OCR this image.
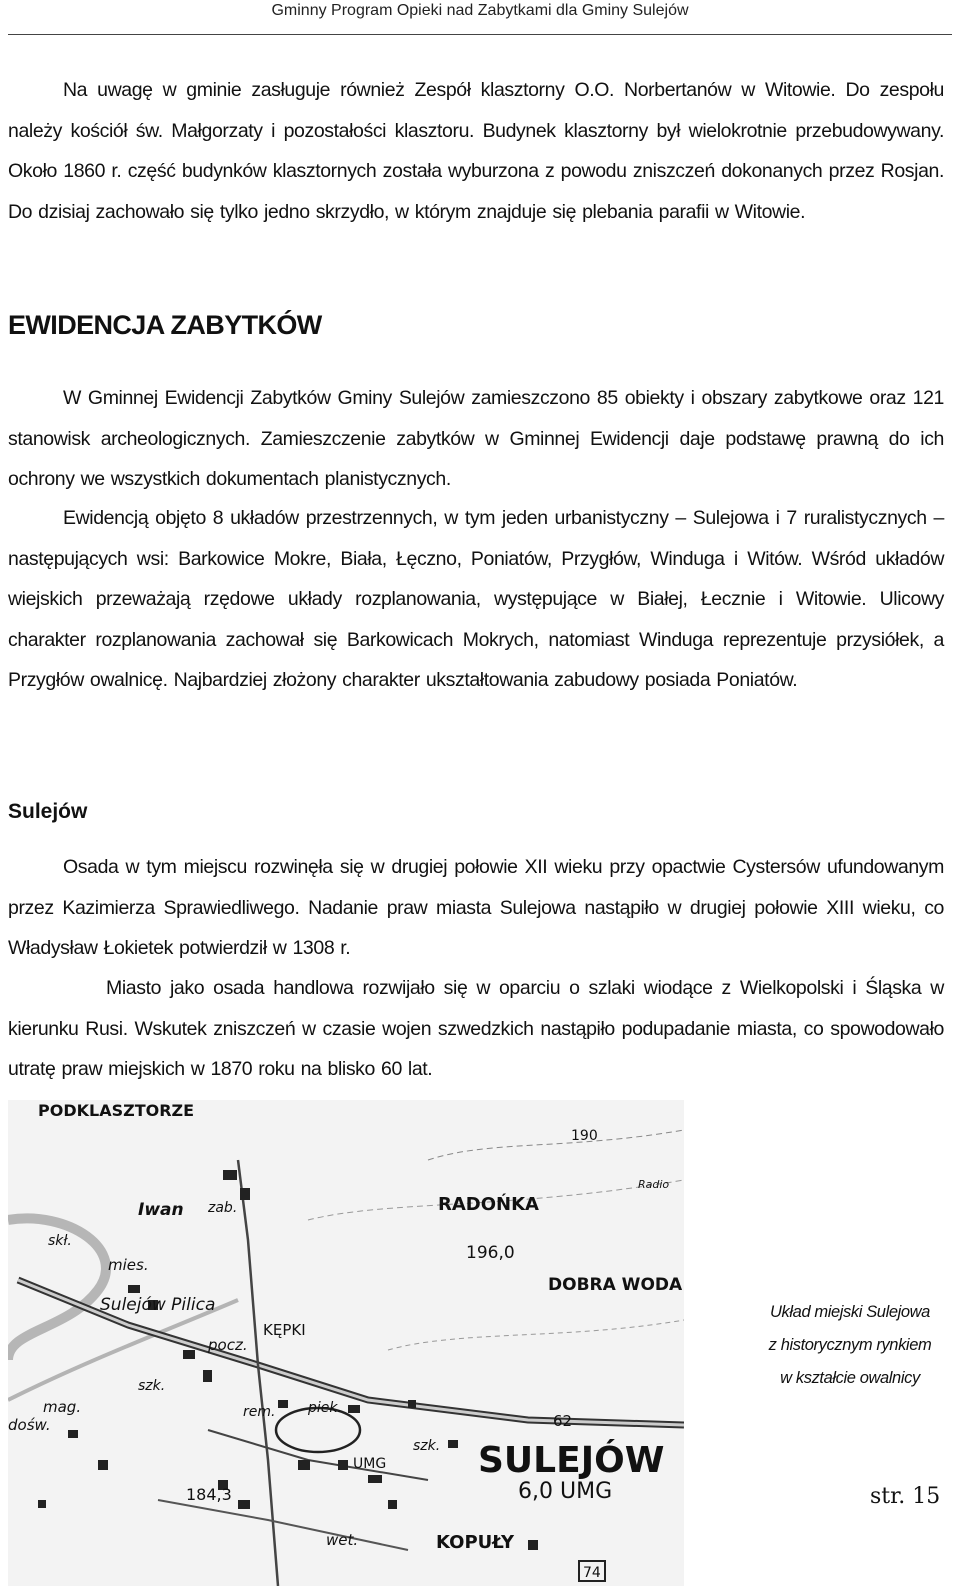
Gminny Program Opieki nad Zabytkami dla Gminy Sulejów
Na uwagę w gminie zasługuje również Zespół klasztorny O.O. Norbertanów w Witowie. Do zespołu należy kościół św. Małgorzaty i pozostałości klasztoru. Budynek klasztorny był wielokrotnie przebudowywany. Około 1860 r. część budynków klasztornych została wyburzona z powodu zniszczeń dokonanych przez Rosjan. Do dzisiaj zachowało się tylko jedno skrzydło, w którym znajduje się plebania parafii w Witowie.
EWIDENCJA ZABYTKÓW
W Gminnej Ewidencji Zabytków Gminy Sulejów zamieszczono 85 obiekty i obszary zabytkowe oraz 121 stanowisk archeologicznych. Zamieszczenie zabytków w Gminnej Ewidencji daje podstawę prawną do ich ochrony we wszystkich dokumentach planistycznych.
Ewidencją objęto 8 układów przestrzennych, w tym jeden urbanistyczny – Sulejowa i 7 ruralistycznych – następujących wsi: Barkowice Mokre, Biała, Łęczno, Poniatów, Przygłów, Winduga i Witów. Wśród układów wiejskich przeważają rzędowe układy rozplanowania, występujące w Białej, Łecznie i Witowie. Ulicowy charakter rozplanowania zachował się Barkowicach Mokrych, natomiast Winduga reprezentuje przysiółek, a Przygłów owalnicę. Najbardziej złożony charakter ukształtowania zabudowy posiada Poniatów.
Sulejów
Osada w tym miejscu rozwinęła się w drugiej połowie XII wieku przy opactwie Cystersów ufundowanym przez Kazimierza Sprawiedliwego. Nadanie praw miasta Sulejowa nastąpiło w drugiej połowie XIII wieku, co Władysław Łokietek potwierdził w 1308 r.
Miasto jako osada handlowa rozwijało się w oparciu o szlaki wiodące z Wielkopolski i Śląska w kierunku Rusi. Wskutek zniszczeń w czasie wojen szwedzkich nastąpiło podupadanie miasta, co spowodowało utratę praw miejskich w 1870 roku na blisko 60 lat.
PODKLASZTORZE
190
RADOŃKA
Radio
196,0
DOBRA WODA
Iwan zab.
mies.
skł.
Sulejów Pilica
KĘPKI
pocz.
szk.
mag.
dośw.
rem. piek.
62
szk. SULEJÓW
UMG
6,0 UMG
184,3
wet.	KOPUŁY
74
Układ miejski Sulejowa
z historycznym rynkiem
w kształcie owalnicy
str. 15
